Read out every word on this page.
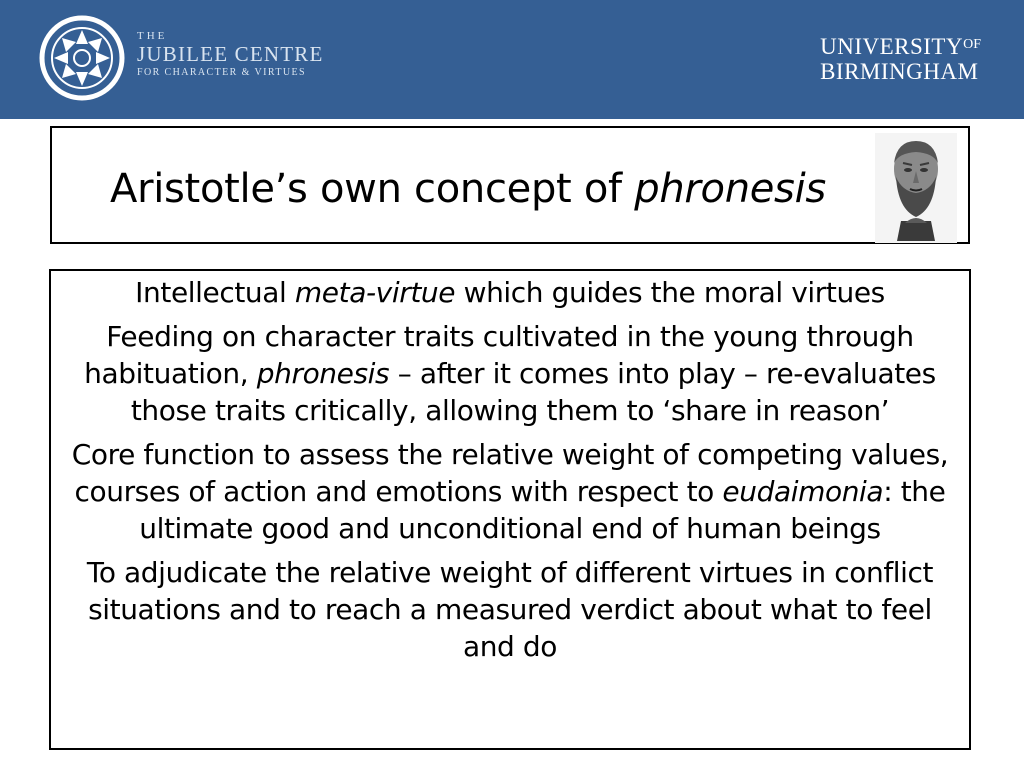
THE
JUBILEE CENTRE
FOR CHARACTER & VIRTUES
$UNIVERSITY^{OF}$
BIRMINGHAM
Aristotle’s own concept of phronesis

Intellectual meta-virtue which guides the moral virtues

Feeding on character traits cultivated in the young through habituation, phronesis – after it comes into play – re-evaluates those traits critically, allowing them to ‘share in reason’

Core function to assess the relative weight of competing values, courses of action and emotions with respect to eudaimonia: the ultimate good and unconditional end of human beings

To adjudicate the relative weight of different virtues in conflict situations and to reach a measured verdict about what to feel and do
